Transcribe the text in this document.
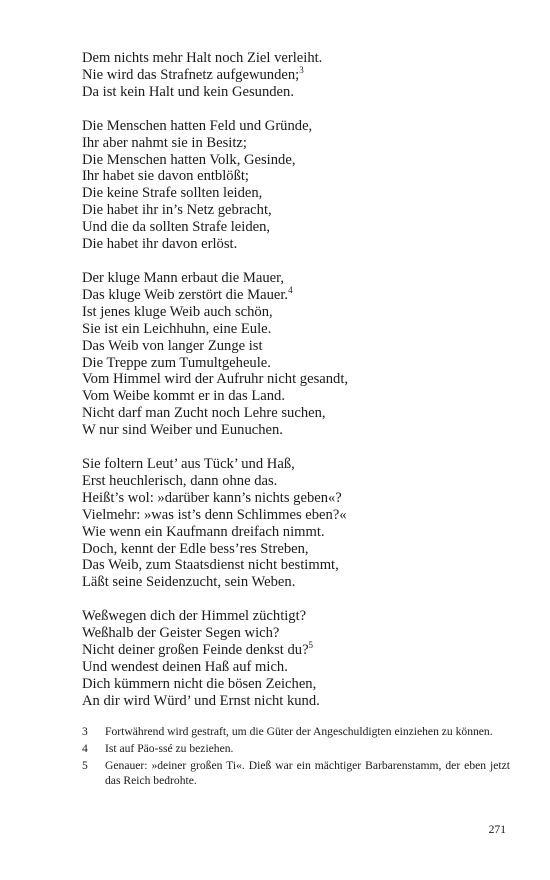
Dem nichts mehr Halt noch Ziel verleiht.
Nie wird das Strafnetz aufgewunden;$^3$
Da ist kein Halt und kein Gesunden.
Die Menschen hatten Feld und Gründe,
Ihr aber nahmt sie in Besitz;
Die Menschen hatten Volk, Gesinde,
Ihr habet sie davon entblößt;
Die keine Strafe sollten leiden,
Die habet ihr in’s Netz gebracht,
Und die da sollten Strafe leiden,
Die habet ihr davon erlöst.
Der kluge Mann erbaut die Mauer,
Das kluge Weib zerstört die Mauer.$^4$
Ist jenes kluge Weib auch schön,
Sie ist ein Leichhuhn, eine Eule.
Das Weib von langer Zunge ist
Die Treppe zum Tumultgeheule.
Vom Himmel wird der Aufruhr nicht gesandt,
Vom Weibe kommt er in das Land.
Nicht darf man Zucht noch Lehre suchen,
W nur sind Weiber und Eunuchen.
Sie foltern Leut’ aus Tück’ und Haß,
Erst heuchlerisch, dann ohne das.
Heißt’s wol: »darüber kann’s nichts geben«?
Vielmehr: »was ist’s denn Schlimmes eben?«
Wie wenn ein Kaufmann dreifach nimmt.
Doch, kennt der Edle bess’res Streben,
Das Weib, zum Staatsdienst nicht bestimmt,
Läßt seine Seidenzucht, sein Weben.
Weßwegen dich der Himmel züchtigt?
Weßhalb der Geister Segen wich?
Nicht deiner großen Feinde denkst du?$^5$
Und wendest deinen Haß auf mich.
Dich kümmern nicht die bösen Zeichen,
An dir wird Würd’ und Ernst nicht kund.
3	Fortwährend wird gestraft, um die Güter der Angeschuldigten einziehen zu können.
4	Ist auf Päo-ssé zu beziehen.
5	Genauer: »deiner großen Ti«. Dieß war ein mächtiger Barbarenstamm, der eben jetzt das Reich bedrohte.
271
